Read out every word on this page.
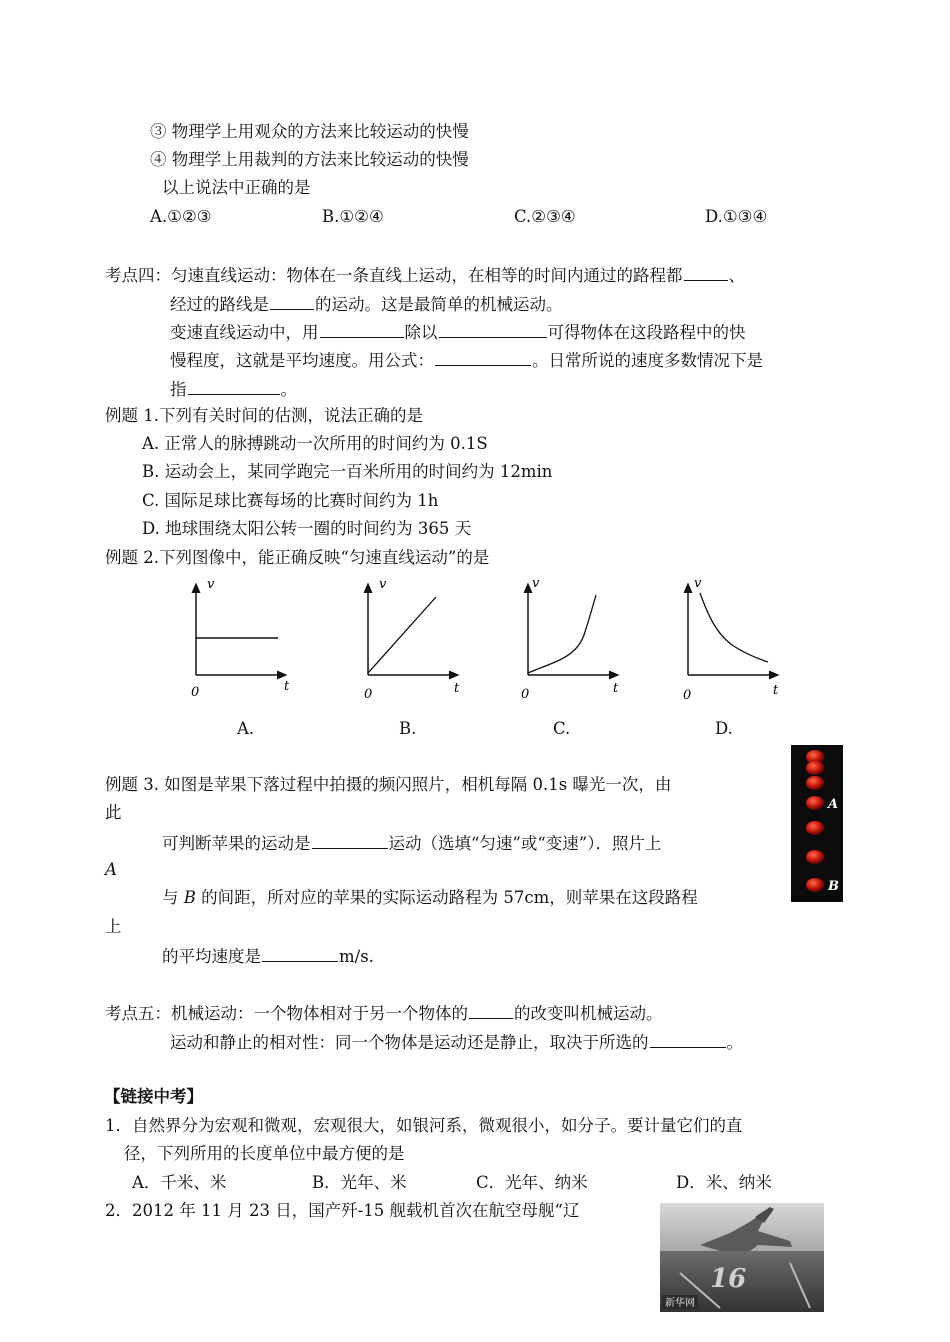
③ 物理学上用观众的方法来比较运动的快慢
④ 物理学上用裁判的方法来比较运动的快慢
以上说法中正确的是
A.①②③	B.①②④	C.②③④	D.①③④
考点四：匀速直线运动：物体在一条直线上运动，在相等的时间内通过的路程都	、
经过的路线是	的运动。这是最简单的机械运动。
变速直线运动中，用	除以	可得物体在这段路程中的快
慢程度，这就是平均速度。用公式：	。日常所说的速度多数情况下是
指	。
例题 1.下列有关时间的估测，说法正确的是
A. 正常人的脉搏跳动一次所用的时间约为 0.1S
B. 运动会上，某同学跑完一百米所用的时间约为 12min
C. 国际足球比赛每场的比赛时间约为 1h
D. 地球围绕太阳公转一圈的时间约为 365 天
例题 2.下列图像中，能正确反映“匀速直线运动”的是
v
t
0
v
t
0
v
t
0
v
t
0
A.	B.	C.	D.
例题 3. 如图是苹果下落过程中拍摄的频闪照片，相机每隔 0.1s 曝光一次，由
此
可判断苹果的运动是	运动（选填“匀速”或“变速”）．照片上
A
与 B 的间距，所对应的苹果的实际运动路程为 57cm，则苹果在这段路程
上
的平均速度是	m/s.
A
B
考点五：机械运动：一个物体相对于另一个物体的	的改变叫机械运动。
运动和静止的相对性：同一个物体是运动还是静止，取决于所选的	。
【链接中考】
1．自然界分为宏观和微观，宏观很大，如银河系，微观很小，如分子。要计量它们的直
径，下列所用的长度单位中最方便的是
A．千米、米	B．光年、米	C．光年、纳米	D．米、纳米
2．2012 年 11 月 23 日，国产歼-15 舰载机首次在航空母舰“辽
16
新华网
